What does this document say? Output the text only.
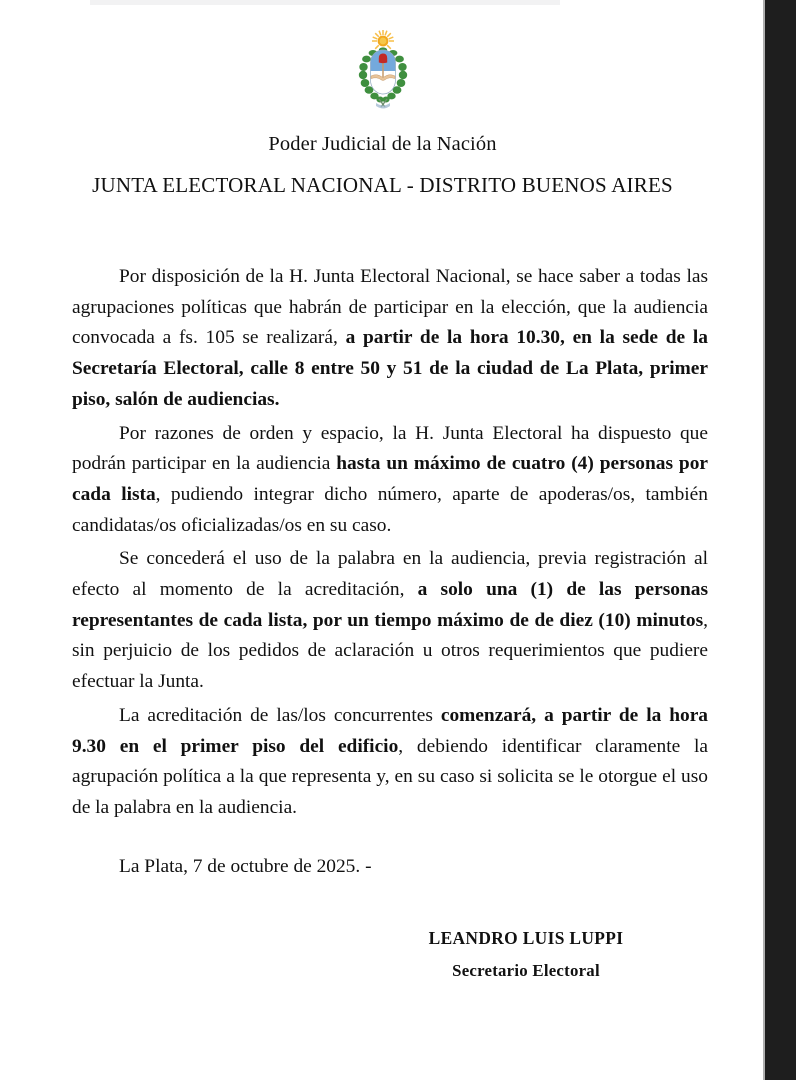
Poder Judicial de la Nación
JUNTA ELECTORAL NACIONAL - DISTRITO BUENOS AIRES

Por disposición de la H. Junta Electoral Nacional, se hace saber a todas las agrupaciones políticas que habrán de participar en la elección, que la audiencia convocada a fs. 105 se realizará, a partir de la hora 10.30, en la sede de la Secretaría Electoral, calle 8 entre 50 y 51 de la ciudad de La Plata, primer piso, salón de audiencias.

Por razones de orden y espacio, la H. Junta Electoral ha dispuesto que podrán participar en la audiencia hasta un máximo de cuatro (4) personas por cada lista, pudiendo integrar dicho número, aparte de apoderas/os, también candidatas/os oficializadas/os en su caso.

Se concederá el uso de la palabra en la audiencia, previa registración al efecto al momento de la acreditación, a solo una (1) de las personas representantes de cada lista, por un tiempo máximo de de diez (10) minutos, sin perjuicio de los pedidos de aclaración u otros requerimientos que pudiere efectuar la Junta.

La acreditación de las/los concurrentes comenzará, a partir de la hora 9.30 en el primer piso del edificio, debiendo identificar claramente la agrupación política a la que representa y, en su caso si solicita se le otorgue el uso de la palabra en la audiencia.

La Plata, 7 de octubre de 2025. -
LEANDRO LUIS LUPPI
Secretario Electoral
